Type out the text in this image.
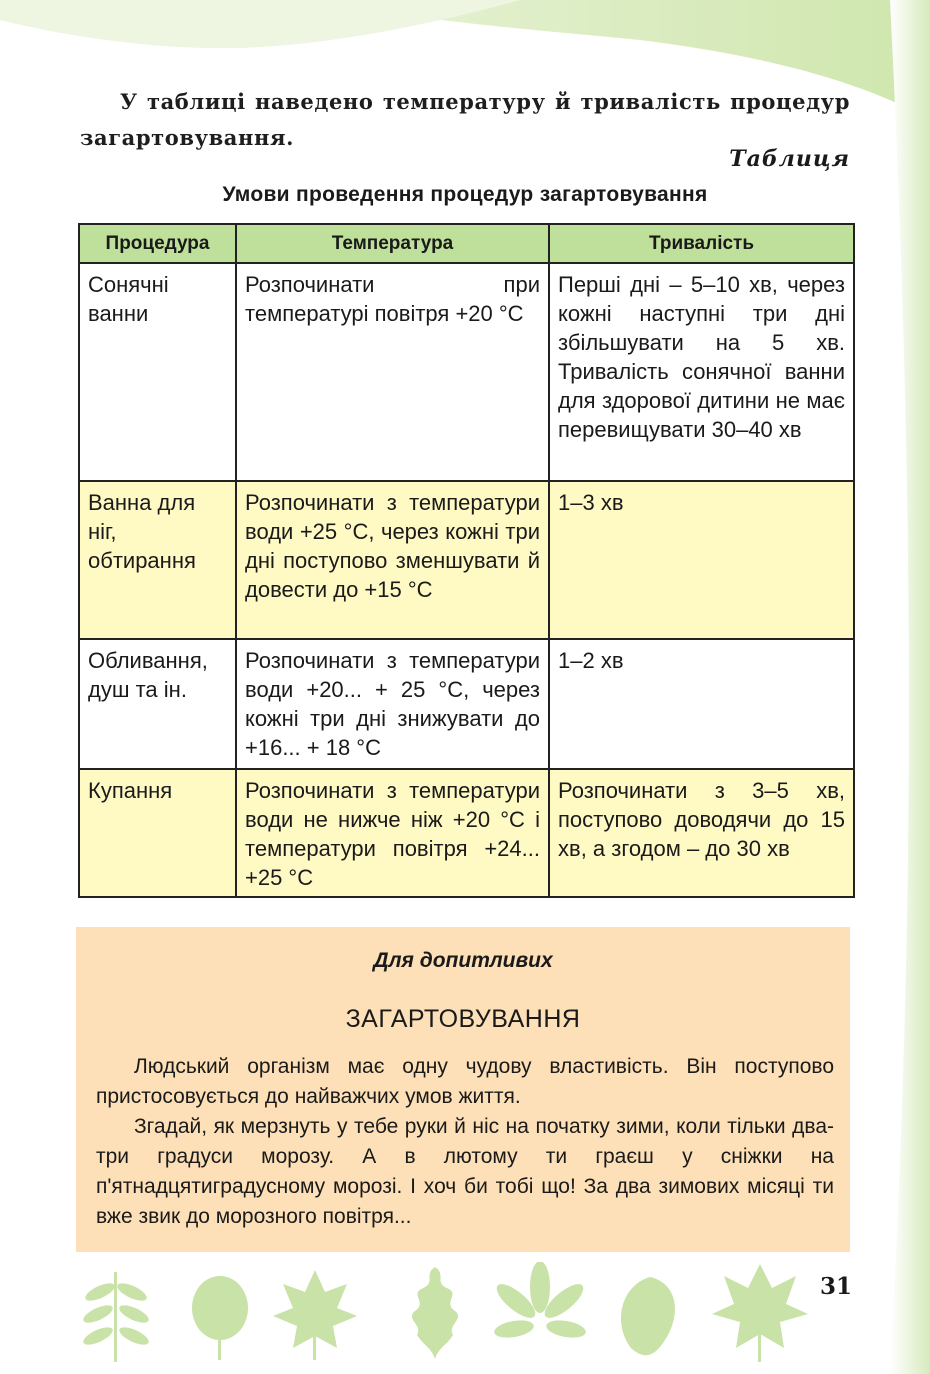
У таблиці наведено температуру й тривалість процедур загартовування.
Таблиця
Умови проведення процедур загартовування
Процедура	Температура	Тривалість
Сонячні ванни	Розпочинати при температурі повітря +20 °С	Перші дні – 5–10 хв, через кожні наступні три дні збільшувати на 5 хв. Тривалість сонячної ванни для здорової дитини не має перевищувати 30–40 хв
Ванна для ніг, обтирання	Розпочинати з температури води +25 °С, через кожні три дні поступово зменшувати й довести до +15 °С	1–3 хв
Обливання, душ та ін.	Розпочинати з температури води +20... + 25 °С, через кожні три дні знижувати до +16... + 18 °С	1–2 хв
Купання	Розпочинати з температури води не нижче ніж +20 °С і температури повітря +24... +25 °С	Розпочинати з 3–5 хв, поступово доводячи до 15 хв, а згодом – до 30 хв
Для допитливих
ЗАГАРТОВУВАННЯ

Людський організм має одну чудову властивість. Він поступово пристосовується до найважчих умов життя.

Згадай, як мерзнуть у тебе руки й ніс на початку зими, коли тільки два-три градуси морозу. А в лютому ти граєш у сніжки на п'ятнадцятиградусному морозі. І хоч би тобі що! За два зимових місяці ти вже звик до морозного повітря...

31
